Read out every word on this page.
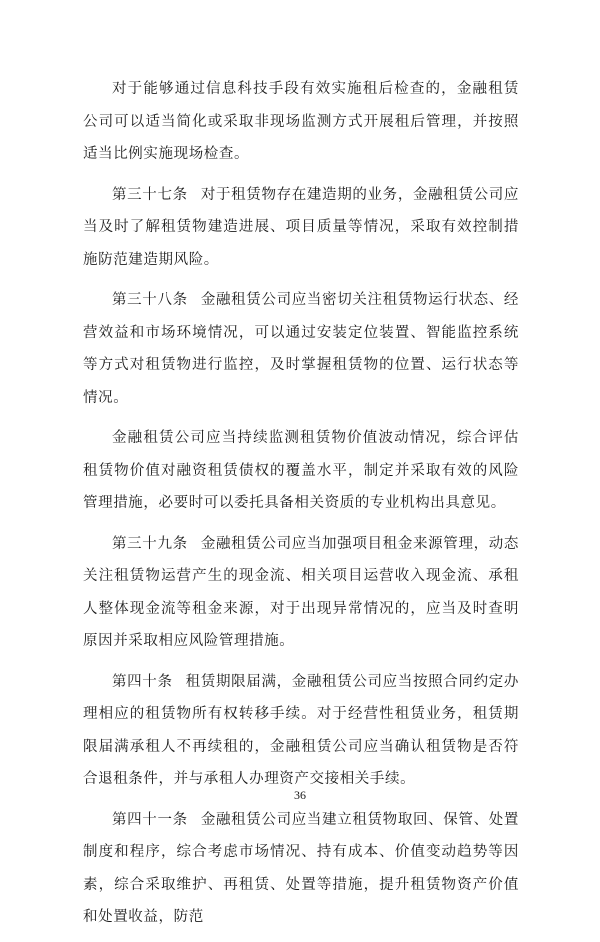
对于能够通过信息科技手段有效实施租后检查的，金融租赁公司可以适当简化或采取非现场监测方式开展租后管理，并按照适当比例实施现场检查。

第三十七条 对于租赁物存在建造期的业务，金融租赁公司应当及时了解租赁物建造进展、项目质量等情况，采取有效控制措施防范建造期风险。

第三十八条 金融租赁公司应当密切关注租赁物运行状态、经营效益和市场环境情况，可以通过安装定位装置、智能监控系统等方式对租赁物进行监控，及时掌握租赁物的位置、运行状态等情况。

金融租赁公司应当持续监测租赁物价值波动情况，综合评估租赁物价值对融资租赁债权的覆盖水平，制定并采取有效的风险管理措施，必要时可以委托具备相关资质的专业机构出具意见。

第三十九条 金融租赁公司应当加强项目租金来源管理，动态关注租赁物运营产生的现金流、相关项目运营收入现金流、承租人整体现金流等租金来源，对于出现异常情况的，应当及时查明原因并采取相应风险管理措施。

第四十条 租赁期限届满，金融租赁公司应当按照合同约定办理相应的租赁物所有权转移手续。对于经营性租赁业务，租赁期限届满承租人不再续租的，金融租赁公司应当确认租赁物是否符合退租条件，并与承租人办理资产交接相关手续。

第四十一条 金融租赁公司应当建立租赁物取回、保管、处置制度和程序，综合考虑市场情况、持有成本、价值变动趋势等因素，综合采取维护、再租赁、处置等措施，提升租赁物资产价值和处置收益，防范

36
